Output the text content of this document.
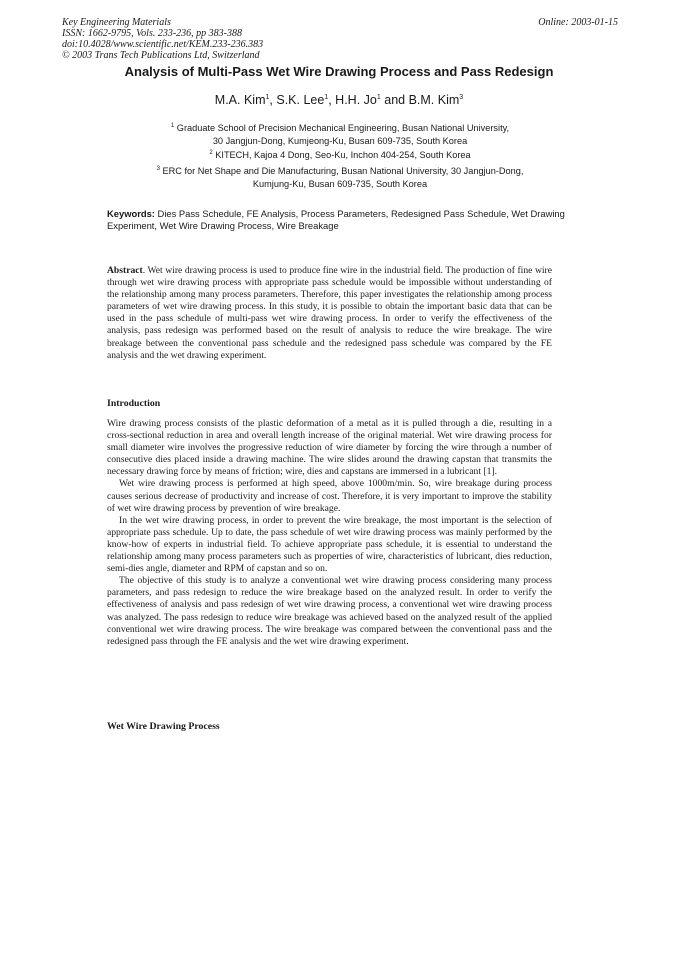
Key Engineering Materials
ISSN: 1662-9795, Vols. 233-236, pp 383-388
doi:10.4028/www.scientific.net/KEM.233-236.383
© 2003 Trans Tech Publications Ltd, Switzerland
Online: 2003-01-15
Analysis of Multi-Pass Wet Wire Drawing Process and Pass Redesign
M.A. Kim$^1$, S.K. Lee$^1$, H.H. Jo$^1$ and B.M. Kim$^3$
$^1$ Graduate School of Precision Mechanical Engineering, Busan National University,
30 Jangjun-Dong, Kumjeong-Ku, Busan 609-735, South Korea
$^2$ KITECH, Kajoa 4 Dong, Seo-Ku, Inchon 404-254, South Korea
$^3$ ERC for Net Shape and Die Manufacturing, Busan National University, 30 Jangjun-Dong,
Kumjung-Ku, Busan 609-735, South Korea
Keywords: Dies Pass Schedule, FE Analysis, Process Parameters, Redesigned Pass Schedule, Wet Drawing Experiment, Wet Wire Drawing Process, Wire Breakage

Abstract. Wet wire drawing process is used to produce fine wire in the industrial field. The production of fine wire through wet wire drawing process with appropriate pass schedule would be impossible without understanding of the relationship among many process parameters. Therefore, this paper investigates the relationship among process parameters of wet wire drawing process. In this study, it is possible to obtain the important basic data that can be used in the pass schedule of multi-pass wet wire drawing process. In order to verify the effectiveness of the analysis, pass redesign was performed based on the result of analysis to reduce the wire breakage. The wire breakage between the conventional pass schedule and the redesigned pass schedule was compared by the FE analysis and the wet drawing experiment.

Introduction

Wire drawing process consists of the plastic deformation of a metal as it is pulled through a die, resulting in a cross-sectional reduction in area and overall length increase of the original material. Wet wire drawing process for small diameter wire involves the progressive reduction of wire diameter by forcing the wire through a number of consecutive dies placed inside a drawing machine. The wire slides around the drawing capstan that transmits the necessary drawing force by means of friction; wire, dies and capstans are immersed in a lubricant [1].

Wet wire drawing process is performed at high speed, above 1000m/min. So, wire breakage during process causes serious decrease of productivity and increase of cost. Therefore, it is very important to improve the stability of wet wire drawing process by prevention of wire breakage.

In the wet wire drawing process, in order to prevent the wire breakage, the most important is the selection of appropriate pass schedule. Up to date, the pass schedule of wet wire drawing process was mainly performed by the know-how of experts in industrial field. To achieve appropriate pass schedule, it is essential to understand the relationship among many process parameters such as properties of wire, characteristics of lubricant, dies reduction, semi-dies angle, diameter and RPM of capstan and so on.

The objective of this study is to analyze a conventional wet wire drawing process considering many process parameters, and pass redesign to reduce the wire breakage based on the analyzed result. In order to verify the effectiveness of analysis and pass redesign of wet wire drawing process, a conventional wet wire drawing process was analyzed. The pass redesign to reduce wire breakage was achieved based on the analyzed result of the applied conventional wet wire drawing process. The wire breakage was compared between the conventional pass and the redesigned pass through the FE analysis and the wet wire drawing experiment.

Wet Wire Drawing Process
